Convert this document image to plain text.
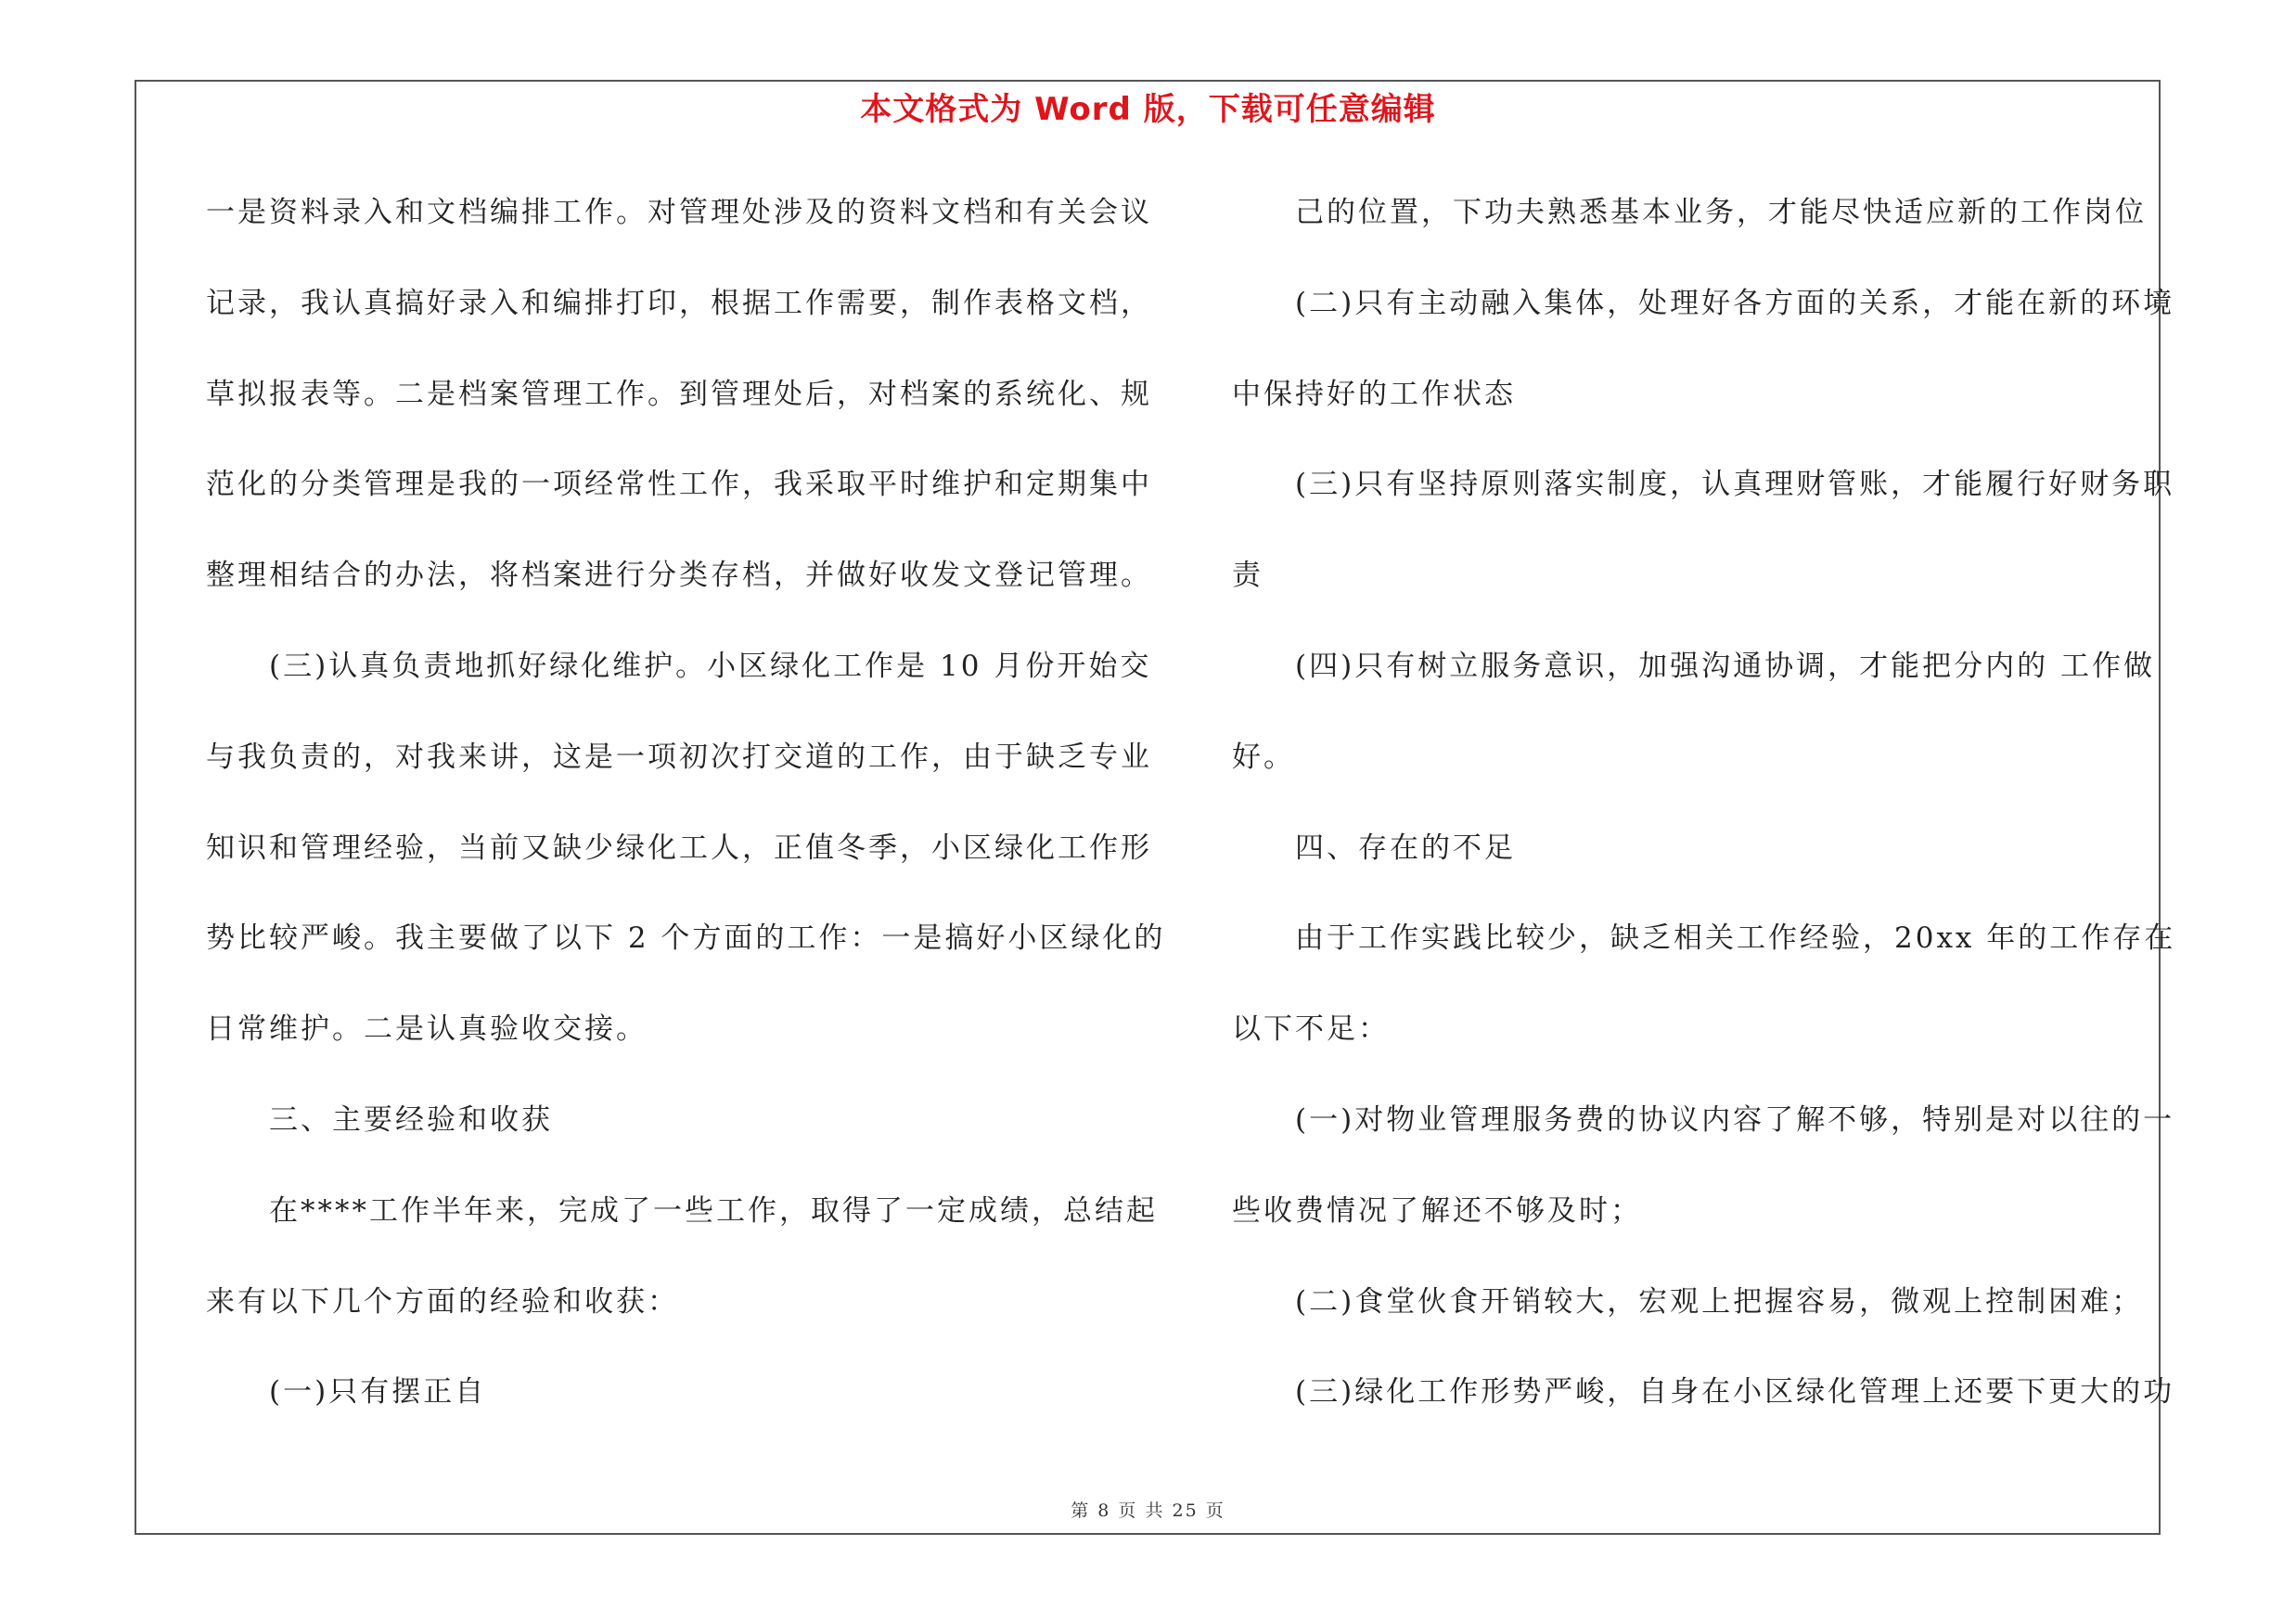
本文格式为 Word 版，下载可任意编辑
一是资料录入和文档编排工作。对管理处涉及的资料文档和有关会议
记录，我认真搞好录入和编排打印，根据工作需要，制作表格文档，
草拟报表等。二是档案管理工作。到管理处后，对档案的系统化、规
范化的分类管理是我的一项经常性工作，我采取平时维护和定期集中
整理相结合的办法，将档案进行分类存档，并做好收发文登记管理。
(三)认真负责地抓好绿化维护。小区绿化工作是 10 月份开始交
与我负责的，对我来讲，这是一项初次打交道的工作，由于缺乏专业
知识和管理经验，当前又缺少绿化工人，正值冬季，小区绿化工作形
势比较严峻。我主要做了以下 2 个方面的工作：一是搞好小区绿化的
日常维护。二是认真验收交接。
三、主要经验和收获
在****工作半年来，完成了一些工作，取得了一定成绩，总结起
来有以下几个方面的经验和收获：
(一)只有摆正自
己的位置，下功夫熟悉基本业务，才能尽快适应新的工作岗位
(二)只有主动融入集体，处理好各方面的关系，才能在新的环境
中保持好的工作状态
(三)只有坚持原则落实制度，认真理财管账，才能履行好财务职
责
(四)只有树立服务意识，加强沟通协调，才能把分内的 工作做
好。
四、存在的不足
由于工作实践比较少，缺乏相关工作经验，20xx 年的工作存在
以下不足：
(一)对物业管理服务费的协议内容了解不够，特别是对以往的一
些收费情况了解还不够及时；
(二)食堂伙食开销较大，宏观上把握容易，微观上控制困难；
(三)绿化工作形势严峻，自身在小区绿化管理上还要下更大的功
第 8 页 共 25 页
